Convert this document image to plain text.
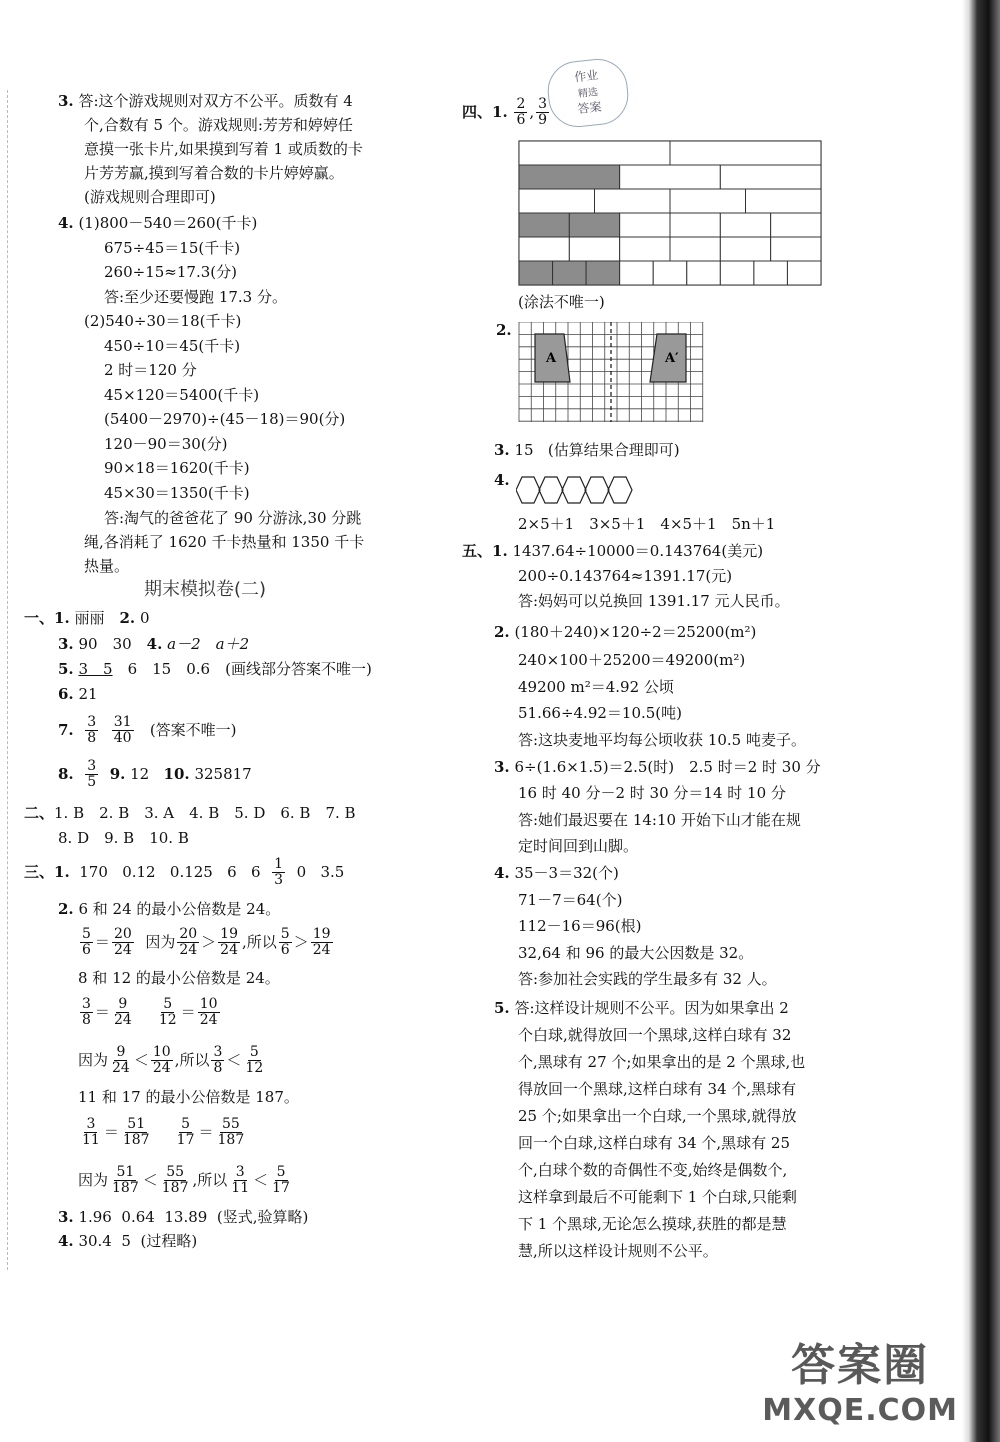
3. 答:这个游戏规则对双方不公平。质数有 4
个,合数有 5 个。游戏规则:芳芳和婷婷任
意摸一张卡片,如果摸到写着 1 或质数的卡
片芳芳赢,摸到写着合数的卡片婷婷赢。
(游戏规则合理即可)
4. (1)800－540＝260(千卡)
675÷45＝15(千卡)
260÷15≈17.3(分)
答:至少还要慢跑 17.3 分。
(2)540÷30＝18(千卡)
450÷10＝45(千卡)
2 时＝120 分
45×120＝5400(千卡)
(5400－2970)÷(45－18)＝90(分)
120－90＝30(分)
90×18＝1620(千卡)
45×30＝1350(千卡)
答:淘气的爸爸花了 90 分游泳,30 分跳
绳,各消耗了 1620 千卡热量和 1350 千卡
热量。
期末模拟卷(二)
一、1. 丽丽　 2. 0
3. 90　 30　 4. a－2　 a＋2
5. 3　 5　 6　 15　 0.6　 (画线部分答案不唯一)
6. 21
7.
$\frac{3}{8}$
$\frac{31}{40}$
(答案不唯一)
8.
$\frac{3}{5}$
9.
12
10.
325817
二、1. B　2. B　3. A　4. B　5. D　6. B　7. B
8. D　9. B　10. B
三、 1.
170
0.12
0.125
6
6
$\frac{1}{3}$
0
3.5
2. 6 和 24 的最小公倍数是 24。
$\frac{5}{6} = \frac{20}{24}$
因为 $\frac{20}{24} > \frac{19}{24}$ ,所以 $\frac{5}{6} > \frac{19}{24}$
8 和 12 的最小公倍数是 24。
$\frac{3}{8} = \frac{9}{24}$
$\frac{5}{12} = \frac{10}{24}$
因为 $\frac{9}{24} < \frac{10}{24}$ ,所以 $\frac{3}{8} < \frac{5}{12}$
11 和 17 的最小公倍数是 187。
$\frac{3}{11} = \frac{51}{187}$
$\frac{5}{17} = \frac{55}{187}$
因为 $\frac{51}{187} < \frac{55}{187}$ ,所以 $\frac{3}{11} < \frac{5}{17}$
3. 1.96 0.64 13.89 (竖式,验算略)
4. 30.4 5 (过程略)
四、 1.
$\frac{2}{6}$ , $\frac{3}{9}$
作业
精选
答案
(涂法不唯一)
2.
A	A′
3. 15 (估算结果合理即可)
4.
2×5＋1　3×5＋1　4×5＋1　5n＋1
五、1. 1437.64÷10000＝0.143764(美元)
200÷0.143764≈1391.17(元)
答:妈妈可以兑换回 1391.17 元人民币。
2. (180＋240)×120÷2＝25200(m²)
240×100＋25200＝49200(m²)
49200 m²＝4.92 公顷
51.66÷4.92＝10.5(吨)
答:这块麦地平均每公顷收获 10.5 吨麦子。
3. 6÷(1.6×1.5)＝2.5(时)　2.5 时＝2 时 30 分
16 时 40 分－2 时 30 分＝14 时 10 分
答:她们最迟要在 14:10 开始下山才能在规
定时间回到山脚。
4. 35－3＝32(个)
71－7＝64(个)
112－16＝96(根)
32,64 和 96 的最大公因数是 32。
答:参加社会实践的学生最多有 32 人。
5. 答:这样设计规则不公平。因为如果拿出 2
个白球,就得放回一个黑球,这样白球有 32
个,黑球有 27 个;如果拿出的是 2 个黑球,也
得放回一个黑球,这样白球有 34 个,黑球有
25 个;如果拿出一个白球,一个黑球,就得放
回一个白球,这样白球有 34 个,黑球有 25
个,白球个数的奇偶性不变,始终是偶数个,
这样拿到最后不可能剩下 1 个白球,只能剩
下 1 个黑球,无论怎么摸球,获胜的都是慧
慧,所以这样设计规则不公平。
答案圈
MXQE.COM
